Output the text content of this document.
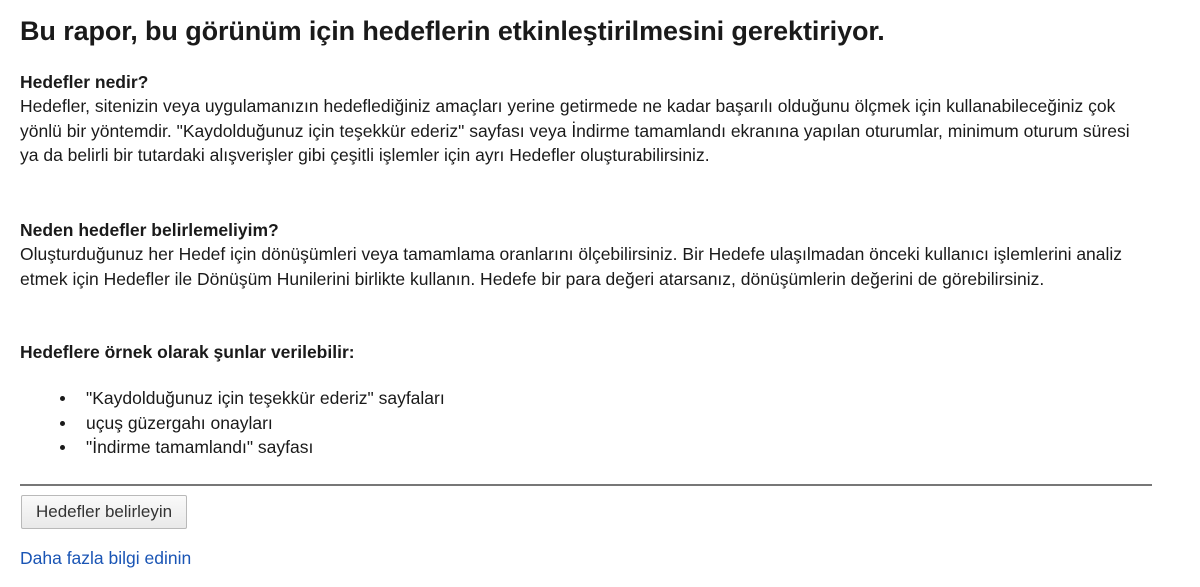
Bu rapor, bu görünüm için hedeflerin etkinleştirilmesini gerektiriyor.
Hedefler nedir?

Hedefler, sitenizin veya uygulamanızın hedeflediğiniz amaçları yerine getirmede ne kadar başarılı olduğunu ölçmek için kullanabileceğiniz çok yönlü bir yöntemdir. "Kaydolduğunuz için teşekkür ederiz" sayfası veya İndirme tamamlandı ekranına yapılan oturumlar, minimum oturum süresi ya da belirli bir tutardaki alışverişler gibi çeşitli işlemler için ayrı Hedefler oluşturabilirsiniz.

Neden hedefler belirlemeliyim?

Oluşturduğunuz her Hedef için dönüşümleri veya tamamlama oranlarını ölçebilirsiniz. Bir Hedefe ulaşılmadan önceki kullanıcı işlemlerini analiz etmek için Hedefler ile Dönüşüm Hunilerini birlikte kullanın. Hedefe bir para değeri atarsanız, dönüşümlerin değerini de görebilirsiniz.

Hedeflere örnek olarak şunlar verilebilir:
"Kaydolduğunuz için teşekkür ederiz" sayfaları
uçuş güzergahı onayları
"İndirme tamamlandı" sayfası
Hedefler belirleyin
Daha fazla bilgi edinin
